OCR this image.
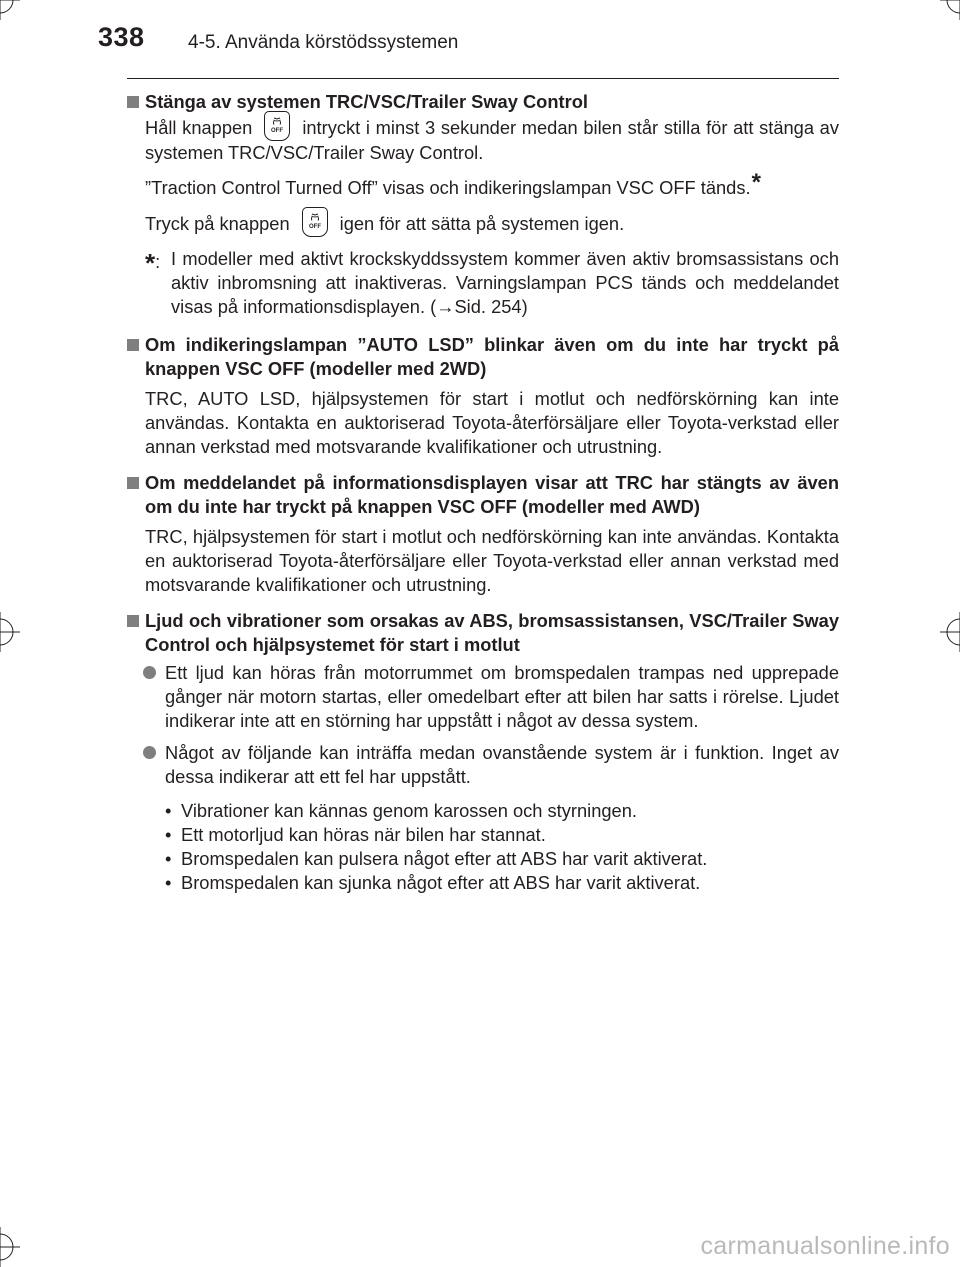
338 4-5. Använda körstödssystemen
Stänga av systemen TRC/VSC/Trailer Sway Control
Håll knappen	OFF intryckt i minst 3 sekunder medan bilen står stilla för att stänga av systemen TRC/VSC/Trailer Sway Control.
”Traction Control Turned Off” visas och indikeringslampan VSC OFF tänds.*
Tryck på knappen	OFF igen för att sätta på systemen igen.
*: I modeller med aktivt krockskyddssystem kommer även aktiv bromsassistans och aktiv inbromsning att inaktiveras. Varningslampan PCS tänds och meddelandet visas på informationsdisplayen. (→Sid. 254)
Om indikeringslampan ”AUTO LSD” blinkar även om du inte har tryckt på knappen VSC OFF (modeller med 2WD)
TRC, AUTO LSD, hjälpsystemen för start i motlut och nedförskörning kan inte användas. Kontakta en auktoriserad Toyota-återförsäljare eller Toyota-verkstad eller annan verkstad med motsvarande kvalifikationer och utrustning.
Om meddelandet på informationsdisplayen visar att TRC har stängts av även om du inte har tryckt på knappen VSC OFF (modeller med AWD)
TRC, hjälpsystemen för start i motlut och nedförskörning kan inte användas. Kontakta en auktoriserad Toyota-återförsäljare eller Toyota-verkstad eller annan verkstad med motsvarande kvalifikationer och utrustning.
Ljud och vibrationer som orsakas av ABS, bromsassistansen, VSC/Trailer Sway Control och hjälpsystemet för start i motlut
Ett ljud kan höras från motorrummet om bromspedalen trampas ned upprepade gånger när motorn startas, eller omedelbart efter att bilen har satts i rörelse. Ljudet indikerar inte att en störning har uppstått i något av dessa system.
Något av följande kan inträffa medan ovanstående system är i funktion. Inget av dessa indikerar att ett fel har uppstått.
• Vibrationer kan kännas genom karossen och styrningen.
• Ett motorljud kan höras när bilen har stannat.
• Bromspedalen kan pulsera något efter att ABS har varit aktiverat.
• Bromspedalen kan sjunka något efter att ABS har varit aktiverat.
carmanualsonline.info
